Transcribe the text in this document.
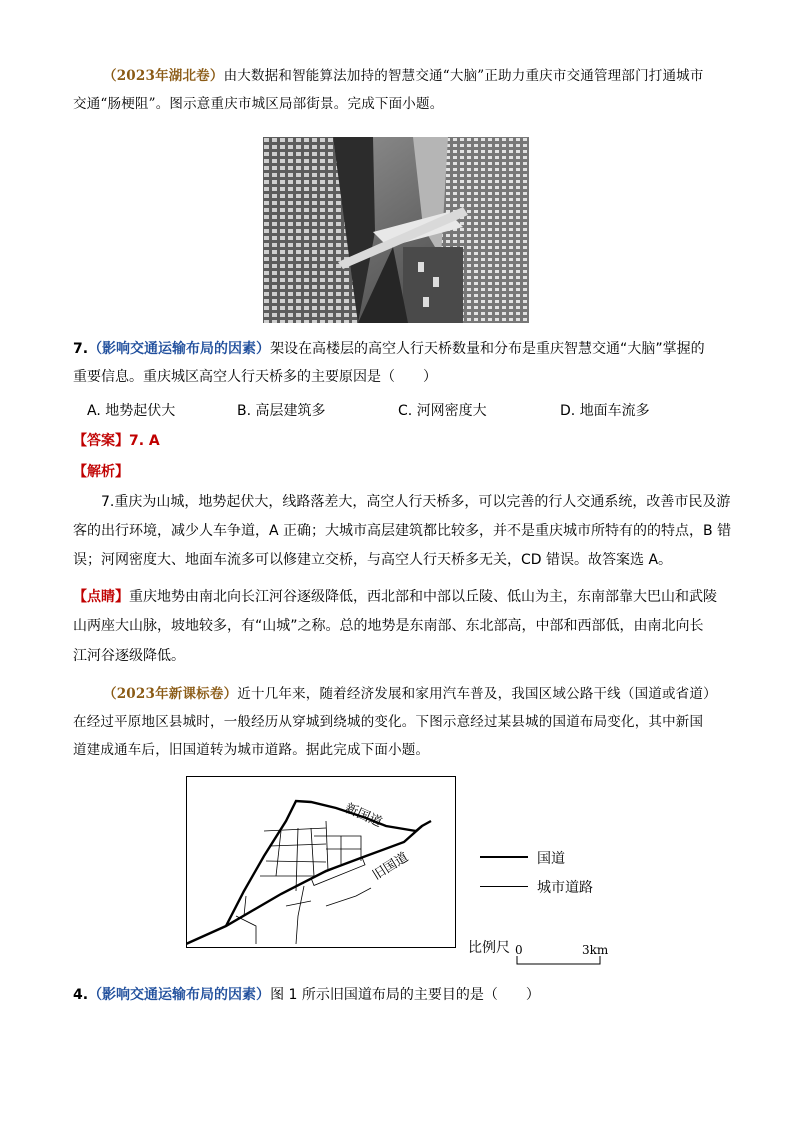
（2023年湖北卷）由大数据和智能算法加持的智慧交通“大脑”正助力重庆市交通管理部门打通城市
交通“肠梗阻”。图示意重庆市城区局部街景。完成下面小题。
7.（影响交通运输布局的因素）架设在高楼层的高空人行天桥数量和分布是重庆智慧交通“大脑”掌握的
重要信息。重庆城区高空人行天桥多的主要原因是（　　）
A. 地势起伏大	B. 高层建筑多	C. 河网密度大	D. 地面车流多
【答案】7. A
【解析】
7.重庆为山城，地势起伏大，线路落差大，高空人行天桥多，可以完善的行人交通系统，改善市民及游
客的出行环境，减少人车争道，A 正确；大城市高层建筑都比较多，并不是重庆城市所特有的的特点，B 错
误；河网密度大、地面车流多可以修建立交桥，与高空人行天桥多无关，CD 错误。故答案选 A。
【点睛】重庆地势由南北向长江河谷逐级降低，西北部和中部以丘陵、低山为主，东南部靠大巴山和武陵
山两座大山脉，坡地较多，有“山城”之称。总的地势是东南部、东北部高，中部和西部低，由南北向长
江河谷逐级降低。
（2023年新课标卷）近十几年来，随着经济发展和家用汽车普及，我国区域公路干线（国道或省道）
在经过平原地区县城时，一般经历从穿城到绕城的变化。下图示意经过某县城的国道布局变化，其中新国
道建成通车后，旧国道转为城市道路。据此完成下面小题。
新国道
旧国道	国道
城市道路
比例尺 0	3km
4.（影响交通运输布局的因素）图 1 所示旧国道布局的主要目的是（　　）
